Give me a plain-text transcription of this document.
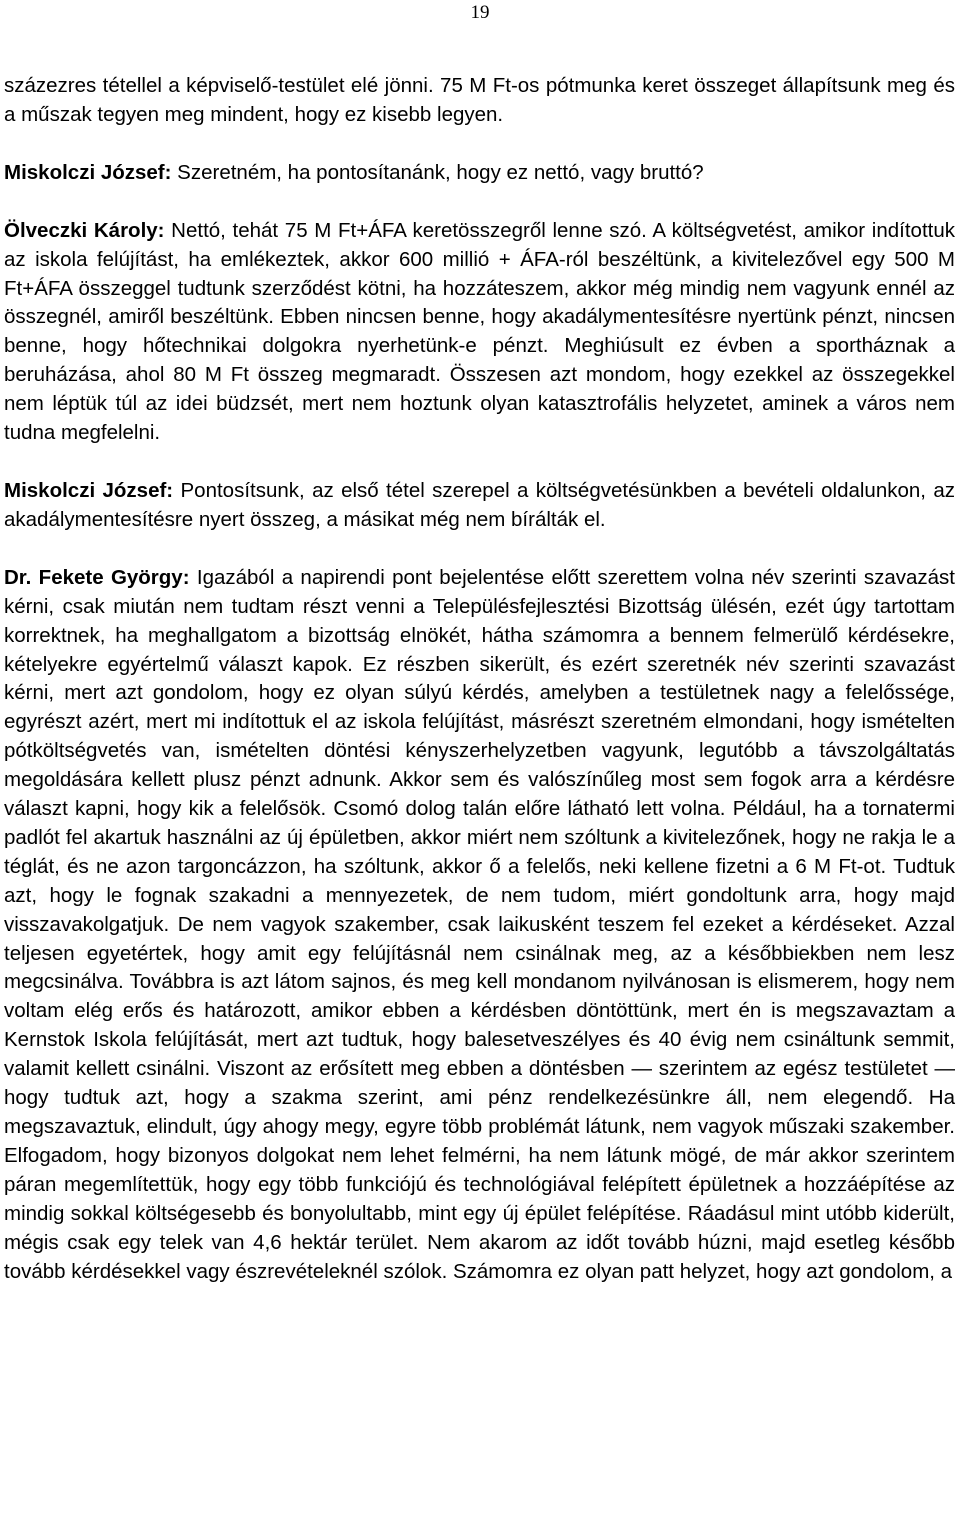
19

százezres tétellel a képviselő-testület elé jönni. 75 M Ft-os pótmunka keret összeget állapítsunk meg és a műszak tegyen meg mindent, hogy ez kisebb legyen.

Miskolczi József: Szeretném, ha pontosítanánk, hogy ez nettó, vagy bruttó?

Ölveczki Károly: Nettó, tehát 75 M Ft+ÁFA keretösszegről lenne szó. A költségvetést, amikor indítottuk az iskola felújítást, ha emlékeztek, akkor 600 millió + ÁFA-ról beszéltünk, a kivitelezővel egy 500 M Ft+ÁFA összeggel tudtunk szerződést kötni, ha hozzáteszem, akkor még mindig nem vagyunk ennél az összegnél, amiről beszéltünk. Ebben nincsen benne, hogy akadálymentesítésre nyertünk pénzt, nincsen benne, hogy hőtechnikai dolgokra nyerhetünk-e pénzt. Meghiúsult ez évben a sportháznak a beruházása, ahol 80 M Ft összeg megmaradt. Összesen azt mondom, hogy ezekkel az összegekkel nem léptük túl az idei büdzsét, mert nem hoztunk olyan katasztrofális helyzetet, aminek a város nem tudna megfelelni.

Miskolczi József: Pontosítsunk, az első tétel szerepel a költségvetésünkben a bevételi oldalunkon, az akadálymentesítésre nyert összeg, a másikat még nem bírálták el.

Dr. Fekete György: Igazából a napirendi pont bejelentése előtt szerettem volna név szerinti szavazást kérni, csak miután nem tudtam részt venni a Településfejlesztési Bizottság ülésén, ezét úgy tartottam korrektnek, ha meghallgatom a bizottság elnökét, hátha számomra a bennem felmerülő kérdésekre, kételyekre egyértelmű választ kapok. Ez részben sikerült, és ezért szeretnék név szerinti szavazást kérni, mert azt gondolom, hogy ez olyan súlyú kérdés, amelyben a testületnek nagy a felelőssége, egyrészt azért, mert mi indítottuk el az iskola felújítást, másrészt szeretném elmondani, hogy ismételten pótköltségvetés van, ismételten döntési kényszerhelyzetben vagyunk, legutóbb a távszolgáltatás megoldására kellett plusz pénzt adnunk. Akkor sem és valószínűleg most sem fogok arra a kérdésre választ kapni, hogy kik a felelősök. Csomó dolog talán előre látható lett volna. Például, ha a tornatermi padlót fel akartuk használni az új épületben, akkor miért nem szóltunk a kivitelezőnek, hogy ne rakja le a téglát, és ne azon targoncázzon, ha szóltunk, akkor ő a felelős, neki kellene fizetni a 6 M Ft-ot. Tudtuk azt, hogy le fognak szakadni a mennyezetek, de nem tudom, miért gondoltunk arra, hogy majd visszavakolgatjuk. De nem vagyok szakember, csak laikusként teszem fel ezeket a kérdéseket. Azzal teljesen egyetértek, hogy amit egy felújításnál nem csinálnak meg, az a későbbiekben nem lesz megcsinálva. Továbbra is azt látom sajnos, és meg kell mondanom nyilvánosan is elismerem, hogy nem voltam elég erős és határozott, amikor ebben a kérdésben döntöttünk, mert én is megszavaztam a Kernstok Iskola felújítását, mert azt tudtuk, hogy balesetveszélyes és 40 évig nem csináltunk semmit, valamit kellett csinálni. Viszont az erősített meg ebben a döntésben — szerintem az egész testületet — hogy tudtuk azt, hogy a szakma szerint, ami pénz rendelkezésünkre áll, nem elegendő. Ha megszavaztuk, elindult, úgy ahogy megy, egyre több problémát látunk, nem vagyok műszaki szakember. Elfogadom, hogy bizonyos dolgokat nem lehet felmérni, ha nem látunk mögé, de már akkor szerintem páran megemlítettük, hogy egy több funkciójú és technológiával felépített épületnek a hozzáépítése az mindig sokkal költségesebb és bonyolultabb, mint egy új épület felépítése. Ráadásul mint utóbb kiderült, mégis csak egy telek van 4,6 hektár terület. Nem akarom az időt tovább húzni, majd esetleg később tovább kérdésekkel vagy észrevételeknél szólok. Számomra ez olyan patt helyzet, hogy azt gondolom, a
